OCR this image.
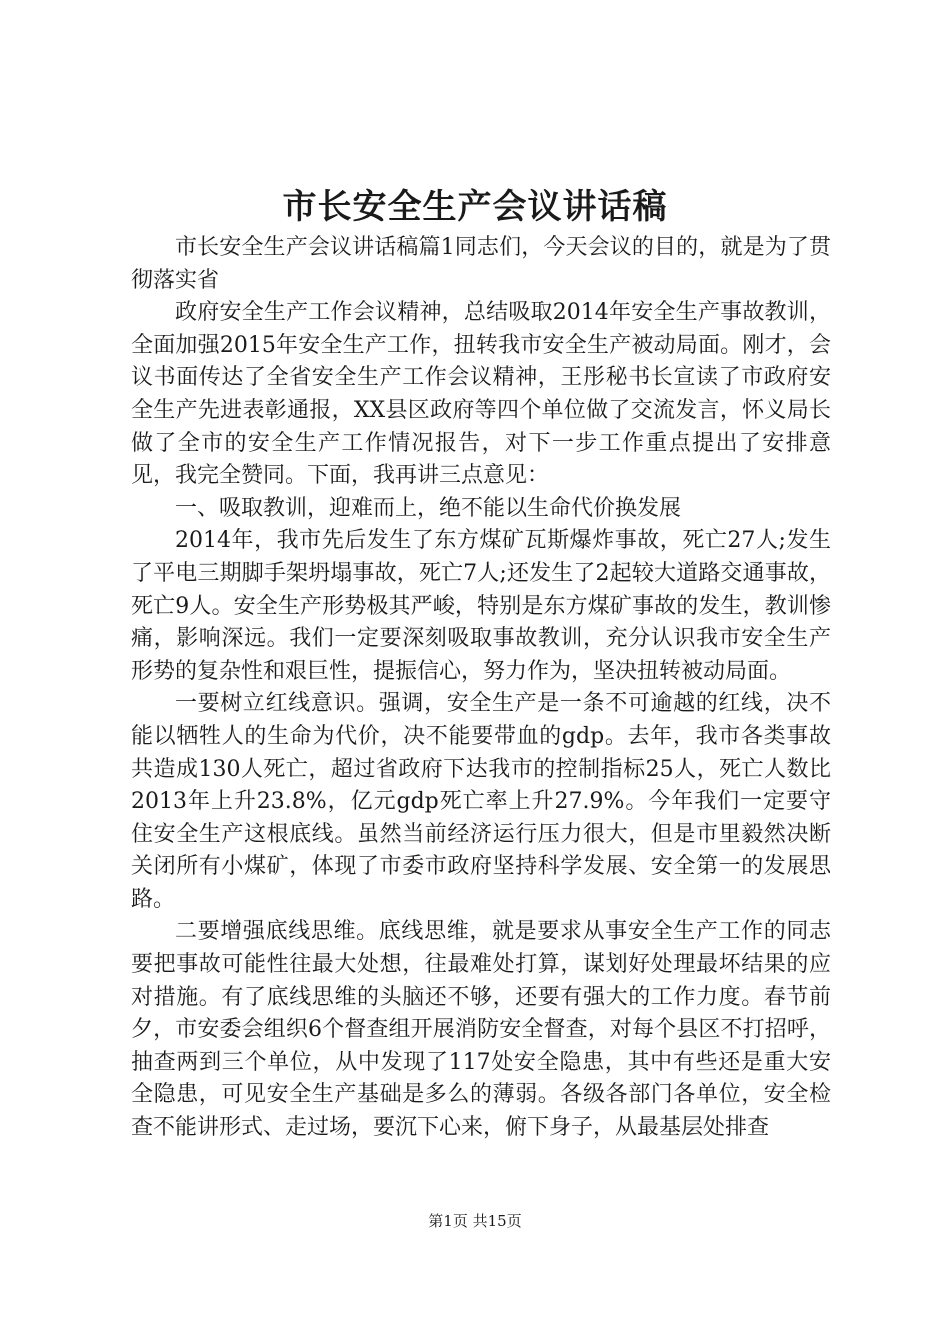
市长安全生产会议讲话稿

市长安全生产会议讲话稿篇1同志们，今天会议的目的，就是为了贯彻落实省

政府安全生产工作会议精神，总结吸取2014年安全生产事故教训，全面加强2015年安全生产工作，扭转我市安全生产被动局面。刚才，会议书面传达了全省安全生产工作会议精神，王彤秘书长宣读了市政府安全生产先进表彰通报，XX县区政府等四个单位做了交流发言，怀义局长做了全市的安全生产工作情况报告，对下一步工作重点提出了安排意见，我完全赞同。下面，我再讲三点意见：

一、吸取教训，迎难而上，绝不能以生命代价换发展

2014年，我市先后发生了东方煤矿瓦斯爆炸事故，死亡27人;发生了平电三期脚手架坍塌事故，死亡7人;还发生了2起较大道路交通事故，死亡9人。安全生产形势极其严峻，特别是东方煤矿事故的发生，教训惨痛，影响深远。我们一定要深刻吸取事故教训，充分认识我市安全生产形势的复杂性和艰巨性，提振信心，努力作为，坚决扭转被动局面。

一要树立红线意识。强调，安全生产是一条不可逾越的红线，决不能以牺牲人的生命为代价，决不能要带血的gdp。去年，我市各类事故共造成130人死亡，超过省政府下达我市的控制指标25人，死亡人数比2013年上升23.8%，亿元gdp死亡率上升27.9%。今年我们一定要守住安全生产这根底线。虽然当前经济运行压力很大，但是市里毅然决断关闭所有小煤矿，体现了市委市政府坚持科学发展、安全第一的发展思路。

二要增强底线思维。底线思维，就是要求从事安全生产工作的同志要把事故可能性往最大处想，往最难处打算，谋划好处理最坏结果的应对措施。有了底线思维的头脑还不够，还要有强大的工作力度。春节前夕，市安委会组织6个督查组开展消防安全督查，对每个县区不打招呼，抽查两到三个单位，从中发现了117处安全隐患，其中有些还是重大安全隐患，可见安全生产基础是多么的薄弱。各级各部门各单位，安全检查不能讲形式、走过场，要沉下心来，俯下身子，从最基层处排查

第1页 共15页
